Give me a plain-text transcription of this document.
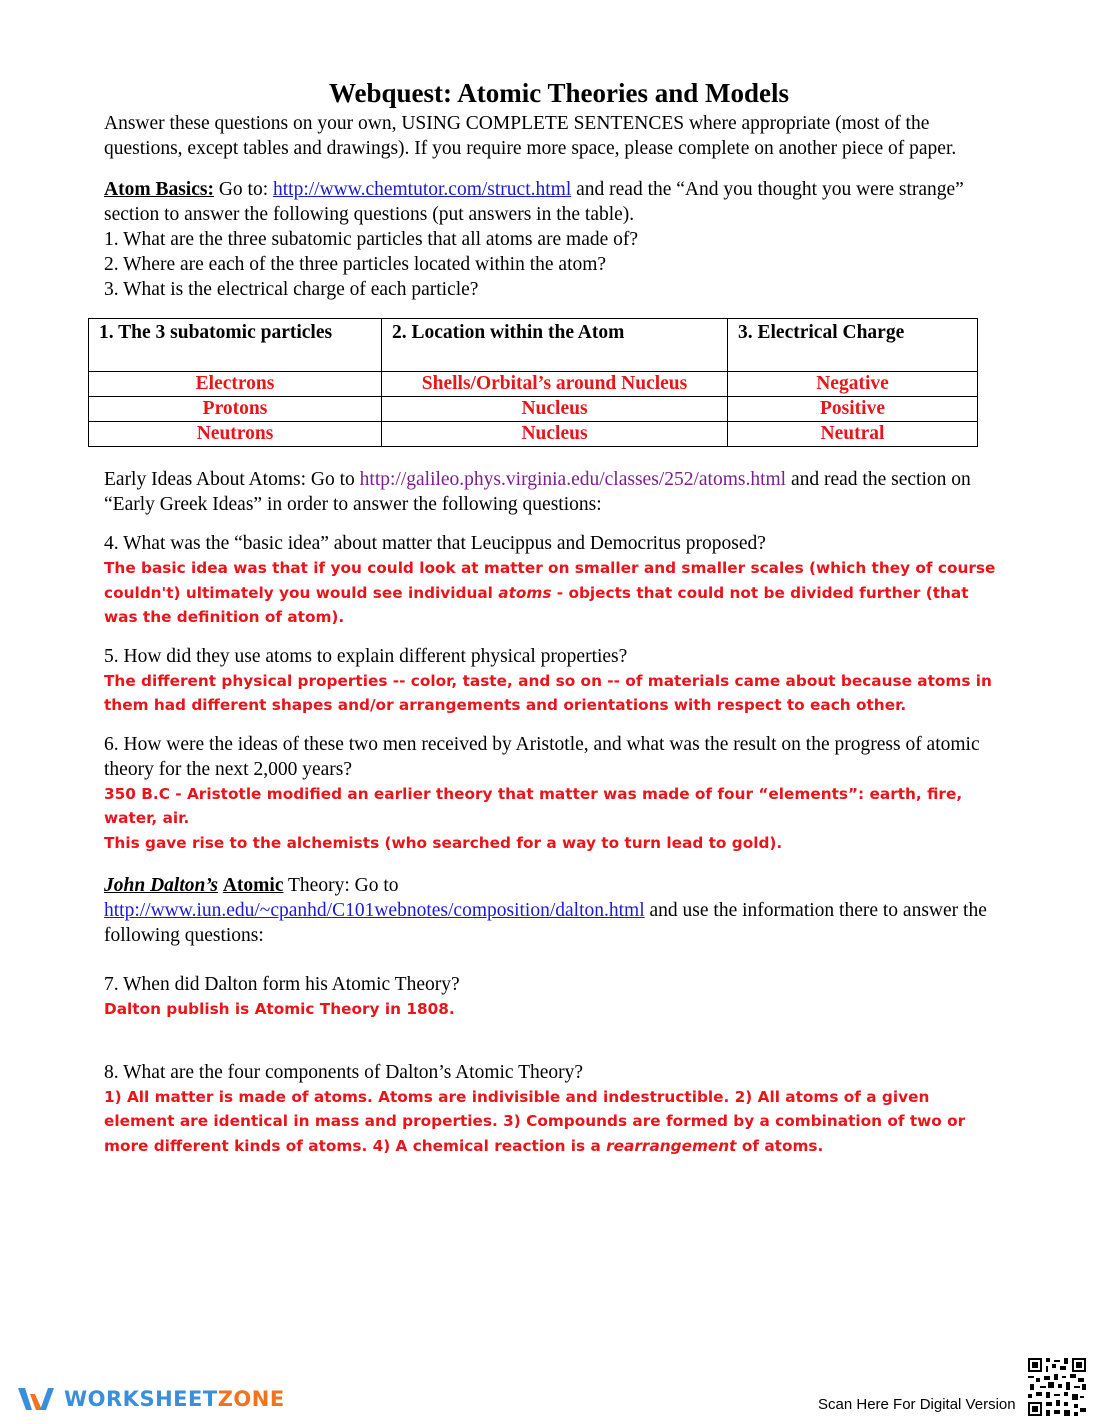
Webquest: Atomic Theories and Models

Answer these questions on your own, USING COMPLETE SENTENCES where appropriate (most of the questions, except tables and drawings). If you require more space, please complete on another piece of paper.

Atom Basics: Go to: http://www.chemtutor.com/struct.html and read the “And you thought you were strange” section to answer the following questions (put answers in the table).

1. What are the three subatomic particles that all atoms are made of?

2. Where are each of the three particles located within the atom?

3. What is the electrical charge of each particle?

1. The 3 subatomic particles	2. Location within the Atom	3. Electrical Charge
Electrons	Shells/Orbital’s around Nucleus	Negative
Protons	Nucleus	Positive
Neutrons	Nucleus	Neutral

Early Ideas About Atoms: Go to http://galileo.phys.virginia.edu/classes/252/atoms.html and read the section on “Early Greek Ideas” in order to answer the following questions:

4. What was the “basic idea” about matter that Leucippus and Democritus proposed?

The basic idea was that if you could look at matter on smaller and smaller scales (which they of course couldn't) ultimately you would see individual atoms - objects that could not be divided further (that was the definition of atom).

5. How did they use atoms to explain different physical properties?

The different physical properties -- color, taste, and so on -- of materials came about because atoms in them had different shapes and/or arrangements and orientations with respect to each other.

6. How were the ideas of these two men received by Aristotle, and what was the result on the progress of atomic theory for the next 2,000 years?

350 B.C - Aristotle modified an earlier theory that matter was made of four “elements”: earth, fire, water, air.

This gave rise to the alchemists (who searched for a way to turn lead to gold).

John Dalton’s Atomic Theory: Go to
http://www.iun.edu/~cpanhd/C101webnotes/composition/dalton.html and use the information there to answer the following questions:

7. When did Dalton form his Atomic Theory?

Dalton publish is Atomic Theory in 1808.

8. What are the four components of Dalton’s Atomic Theory?

1) All matter is made of atoms. Atoms are indivisible and indestructible. 2) All atoms of a given element are identical in mass and properties. 3) Compounds are formed by a combination of two or more different kinds of atoms. 4) A chemical reaction is a rearrangement of atoms.

WORKSHEET ZONE	Scan Here For Digital Version
